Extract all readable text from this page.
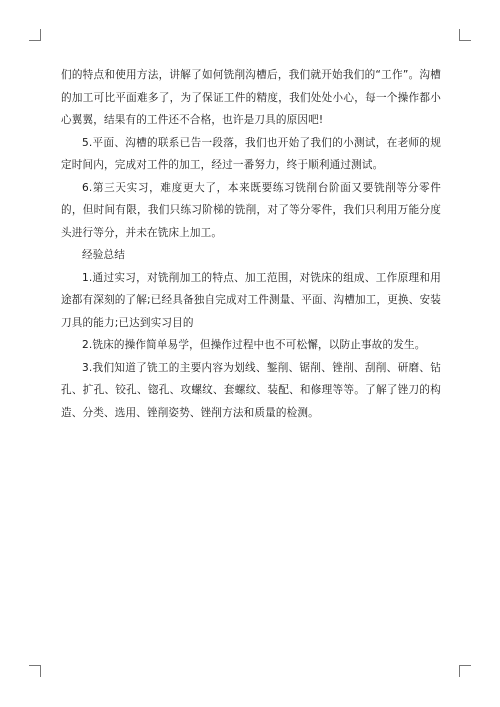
们的特点和使用方法，讲解了如何铣削沟槽后，我们就开始我们的“工作”。沟槽的加工可比平面难多了，为了保证工件的精度，我们处处小心，每一个操作都小心翼翼，结果有的工件还不合格，也许是刀具的原因吧!

5.平面、沟槽的联系已告一段落，我们也开始了我们的小测试，在老师的规定时间内，完成对工件的加工，经过一番努力，终于顺利通过测试。

6.第三天实习，难度更大了，本来既要练习铣削台阶面又要铣削等分零件的，但时间有限，我们只练习阶梯的铣削，对了等分零件，我们只利用万能分度头进行等分，并未在铣床上加工。

经验总结

1.通过实习，对铣削加工的特点、加工范围，对铣床的组成、工作原理和用途都有深刻的了解;已经具备独自完成对工件测量、平面、沟槽加工，更换、安装刀具的能力;已达到实习目的

2.铣床的操作简单易学，但操作过程中也不可松懈，以防止事故的发生。

3.我们知道了铣工的主要内容为划线、錾削、锯削、锉削、刮削、研磨、钻孔、扩孔、铰孔、锪孔、攻螺纹、套螺纹、装配、和修理等等。了解了锉刀的构造、分类、选用、锉削姿势、锉削方法和质量的检测。
